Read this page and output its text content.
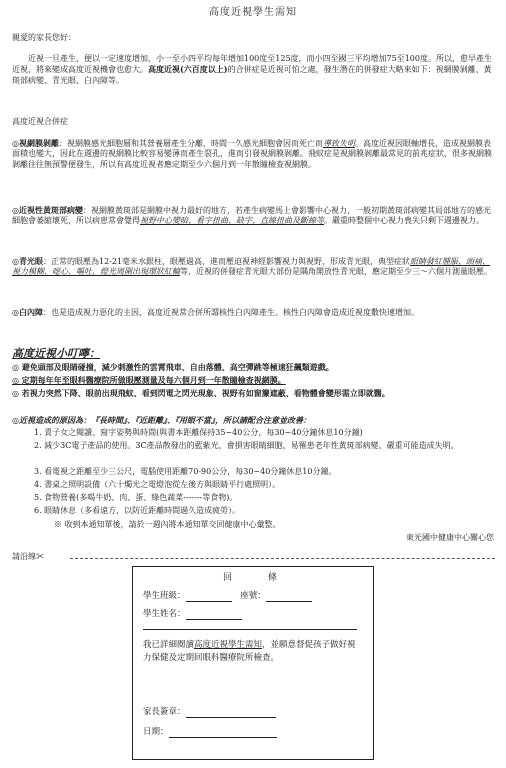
高度近視學生需知
親愛的家長您好：
近視一旦產生，便以一定速度增加，小一至小四平均每年增加100度至125度，而小四至國三平均增加75至100度。所以，愈早產生近視，將來變成高度近視機會也愈大。高度近視(六百度以上)的合併症是近視可怕之處，發生潛在的併發症大略來如下：視網膜剝離、黃斑部病變、青光眼、白內障等。
高度近視合併症
◎視網膜剝離：視網膜感光細胞層和其營養層產生分離，時間一久感光細胞會因而死亡而導致失明。高度近視因眼軸增長，造成視網膜表面積也變大，因此在週邊的視網膜比較容易變薄而產生裂孔，進而引發視網膜剝離。飛蚊症是視網膜剝離最常見的前兆症狀，很多視網膜剝離往往無預警便發生，所以有高度近視者應定期至少六個月到一年散瞳檢查視網膜。
◎近視性黃斑部病變：視網膜黃斑部是網膜中視力最好的地方，若產生病變馬上會影響中心視力，一般初期黃斑部病變其局部地方的感光細胞會萎縮壞死，所以病患常會覺得視野中心變暗、看字扭曲、缺字、直線扭曲及斷線等。嚴重時整個中心視力喪失只剩下週邊視力。
◎青光眼：正常的眼壓為12-21毫米水銀柱，眼壓過高，進而壓迫視神經影響視力與視野，形成青光眼，典型症狀眼睛發紅腫脹、頭痛、視力模糊、噁心、嘔吐、燈光周圍出現環狀紅輪等，近視的併發症青光眼大部份是隅角開放性青光眼，應定期至少三～六個月測量眼壓。
◎白內障：也是造成視力惡化的主因，高度近視常合併所謂核性白內障產生。核性白內障會造成近視度數快速增加。
高度近視小叮嚀：
◎ 避免頭部及眼睛碰撞，減少刺激性的雲霄飛車、自由落體、高空彈跳等極速狂飆類遊戲。
◎ 定期每年年至眼科醫療院所做眼壓測量及每六個月到一年散瞳檢查視網膜。
◎ 若視力突然下降、眼前出現飛蚊、看到閃電之閃光現象、視野有如窗簾遮蔽、看物體會變形需立即就醫。
◎近視造成的原因為：『長時間』、『近距離』、『用眼不當』，所以請配合注意並改善：
1. 責子女之閱讀、寫字姿勢與時間(與書本距離保持35~40公分，每30~40分鐘休息10分鐘)
2. 減少3C電子產品的使用。3C產品散發出的藍紫光，會損害眼睛細胞，易罹患老年性黃斑部病變，嚴重可能造成失明。
3. 看電視之距離至少三公尺，電腦使用距離70-90公分，每30~40分鐘休息10分鐘。
4. 書桌之照明設備（六十燭光之電燈泡從左後方與眼睛平行處照明）。
5. 食物營養(多喝牛奶、肉、蛋、綠色蔬菜-------等食物)。
6. 眼睛休息（多看遠方，以防近距離時間過久造成疲勞）。
※ 收到本通知單後，請於一週內將本通知單交回健康中心彙整。
東光國中健康中心關心您
請沿線✂
回　　條
學生班級：	座號：
學生姓名：
我已詳細閱讀高度近視學生需知，並願意督促孩子做好視力保健及定期回眼科醫療院所檢查。
家長簽章：
日期：
